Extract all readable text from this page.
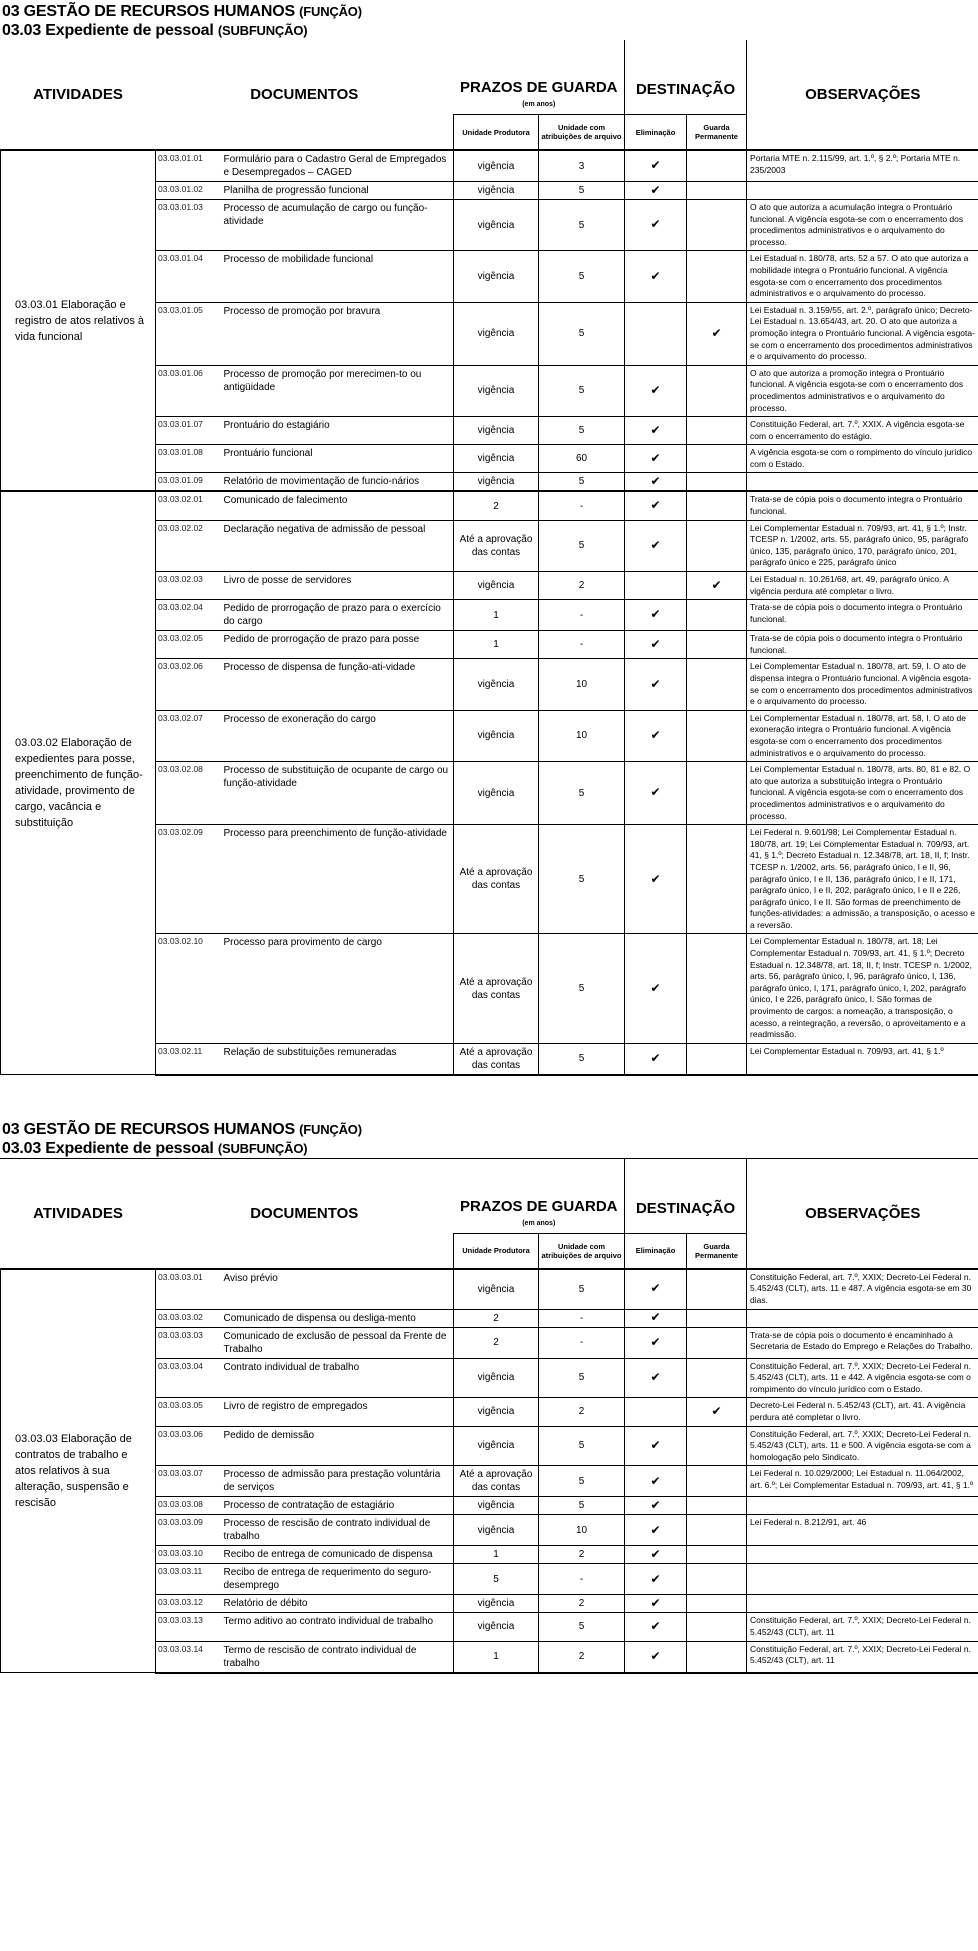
03 GESTÃO DE RECURSOS HUMANOS (FUNÇÃO)
03.03 Expediente de pessoal (SUBFUNÇÃO)
ATIVIDADES	DOCUMENTOS		PRAZOS DE GUARDA		DESTINAÇÃO		OBSERVAÇÕES
			(em anos)				
			Unidade Produtora	Unidade com atribuições de arquivo	Eliminação	Guarda Permanente	
03.03.01 Elaboração e registro de atos relativos à vida funcional	03.03.01.01	Formulário para o Cadastro Geral de Empregados e Desempregados – CAGED	vigência	3	✔		Portaria MTE n. 2.115/99, art. 1.º, § 2.º; Portaria MTE n. 235/2003
	03.03.01.02	Planilha de progressão funcional	vigência	5	✔		
	03.03.01.03	Processo de acumulação de cargo ou função-atividade	vigência	5	✔		O ato que autoriza a acumulação integra o Prontuário funcional. A vigência esgota-se com o encerramento dos procedimentos administrativos e o arquivamento do processo.
	03.03.01.04	Processo de mobilidade funcional	vigência	5	✔		Lei Estadual n. 180/78, arts. 52 a 57. O ato que autoriza a mobilidade integra o Prontuário funcional. A vigência esgota-se com o encerramento dos procedimentos administrativos e o arquivamento do processo.
	03.03.01.05	Processo de promoção por bravura	vigência	5		✔	Lei Estadual n. 3.159/55, art. 2.º, parágrafo único; Decreto-Lei Estadual n. 13.654/43, art. 20. O ato que autoriza a promoção integra o Prontuário funcional. A vigência esgota-se com o encerramento dos procedimentos administrativos e o arquivamento do processo.
	03.03.01.06	Processo de promoção por merecimen-to ou antigüidade	vigência	5	✔		O ato que autoriza a promoção integra o Prontuário funcional. A vigência esgota-se com o encerramento dos procedimentos administrativos e o arquivamento do processo.
	03.03.01.07	Prontuário do estagiário	vigência	5	✔		Constituição Federal, art. 7.º, XXIX. A vigência esgota-se com o encerramento do estágio.
	03.03.01.08	Prontuário funcional	vigência	60	✔		A vigência esgota-se com o rompimento do vínculo jurídico com o Estado.
	03.03.01.09	Relatório de movimentação de funcio-nários	vigência	5	✔		
03.03.02 Elaboração de expedientes para posse, preenchimento de função-atividade, provimento de cargo, vacância e substituição	03.03.02.01	Comunicado de falecimento	2	-	✔		Trata-se de cópia pois o documento integra o Prontuário funcional.
	03.03.02.02	Declaração negativa de admissão de pessoal	Até a aprovação das contas	5	✔		Lei Complementar Estadual n. 709/93, art. 41, § 1.º; Instr. TCESP n. 1/2002, arts. 55, parágrafo único, 95, parágrafo único, 135, parágrafo único, 170, parágrafo único, 201, parágrafo único e 225, parágrafo único
	03.03.02.03	Livro de posse de servidores	vigência	2		✔	Lei Estadual n. 10.261/68, art. 49, parágrafo único. A vigência perdura até completar o livro.
	03.03.02.04	Pedido de prorrogação de prazo para o exercício do cargo	1	-	✔		Trata-se de cópia pois o documento integra o Prontuário funcional.
	03.03.02.05	Pedido de prorrogação de prazo para posse	1	-	✔		Trata-se de cópia pois o documento integra o Prontuário funcional.
	03.03.02.06	Processo de dispensa de função-ati-vidade	vigência	10	✔		Lei Complementar Estadual n. 180/78, art. 59, I. O ato de dispensa integra o Prontuário funcional. A vigência esgota-se com o encerramento dos procedimentos administrativos e o arquivamento do processo.
	03.03.02.07	Processo de exoneração do cargo	vigência	10	✔		Lei Complementar Estadual n. 180/78, art. 58, I. O ato de exoneração integra o Prontuário funcional. A vigência esgota-se com o encerramento dos procedimentos administrativos e o arquivamento do processo.
	03.03.02.08	Processo de substituição de ocupante de cargo ou função-atividade	vigência	5	✔		Lei Complementar Estadual n. 180/78, arts. 80, 81 e 82. O ato que autoriza a substituição integra o Prontuário funcional. A vigência esgota-se com o encerramento dos procedimentos administrativos e o arquivamento do processo.
	03.03.02.09	Processo para preenchimento de função-atividade	Até a aprovação das contas	5	✔		Lei Federal n. 9.601/98; Lei Complementar Estadual n. 180/78, art. 19; Lei Complementar Estadual n. 709/93, art. 41, § 1.º; Decreto Estadual n. 12.348/78, art. 18, II, f; Instr. TCESP n. 1/2002, arts. 56, parágrafo único, I e II, 96, parágrafo único, I e II, 136, parágrafo único, I e II, 171, parágrafo único, I e II, 202, parágrafo único, I e II e 226, parágrafo único, I e II. São formas de preenchimento de funções-atividades: a admissão, a transposição, o acesso e a reversão.
	03.03.02.10	Processo para provimento de cargo	Até a aprovação das contas	5	✔		Lei Complementar Estadual n. 180/78, art. 18; Lei Complementar Estadual n. 709/93, art. 41, § 1.º; Decreto Estadual n. 12.348/78, art. 18, II, f; Instr. TCESP n. 1/2002, arts. 56, parágrafo único, I, 96, parágrafo único, I, 136, parágrafo único, I, 171, parágrafo único, I, 202, parágrafo único, I e 226, parágrafo único, I. São formas de provimento de cargos: a nomeação, a transposição, o acesso, a reintegração, a reversão, o aproveitamento e a readmissão.
	03.03.02.11	Relação de substituições remuneradas	Até a aprovação das contas	5	✔		Lei Complementar Estadual n. 709/93, art. 41, § 1.º
03 GESTÃO DE RECURSOS HUMANOS (FUNÇÃO)
03.03 Expediente de pessoal (SUBFUNÇÃO)
ATIVIDADES	DOCUMENTOS		PRAZOS DE GUARDA		DESTINAÇÃO		OBSERVAÇÕES
			(em anos)				
			Unidade Produtora	Unidade com atribuições de arquivo	Eliminação	Guarda Permanente	
03.03.03 Elaboração de contratos de trabalho e atos relativos à sua alteração, suspensão e rescisão	03.03.03.01	Aviso prévio	vigência	5	✔		Constituição Federal, art. 7.º, XXIX; Decreto-Lei Federal n. 5.452/43 (CLT), arts. 11 e 487. A vigência esgota-se em 30 dias.
	03.03.03.02	Comunicado de dispensa ou desliga-mento	2	-	✔		
	03.03.03.03	Comunicado de exclusão de pessoal da Frente de Trabalho	2	-	✔		Trata-se de cópia pois o documento é encaminhado à Secretaria de Estado do Emprego e Relações do Trabalho.
	03.03.03.04	Contrato individual de trabalho	vigência	5	✔		Constituição Federal, art. 7.º, XXIX; Decreto-Lei Federal n. 5.452/43 (CLT), arts. 11 e 442. A vigência esgota-se com o rompimento do vínculo jurídico com o Estado.
	03.03.03.05	Livro de registro de empregados	vigência	2		✔	Decreto-Lei Federal n. 5.452/43 (CLT), art. 41. A vigência perdura até completar o livro.
	03.03.03.06	Pedido de demissão	vigência	5	✔		Constituição Federal, art. 7.º, XXIX; Decreto-Lei Federal n. 5.452/43 (CLT), arts. 11 e 500. A vigência esgota-se com a homologação pelo Sindicato.
	03.03.03.07	Processo de admissão para prestação voluntária de serviços	Até a aprovação das contas	5	✔		Lei Federal n. 10.029/2000; Lei Estadual n. 11.064/2002, art. 6.º; Lei Complementar Estadual n. 709/93, art. 41, § 1.º
	03.03.03.08	Processo de contratação de estagiário	vigência	5	✔		
	03.03.03.09	Processo de rescisão de contrato individual de trabalho	vigência	10	✔		Lei Federal n. 8.212/91, art. 46
	03.03.03.10	Recibo de entrega de comunicado de dispensa	1	2	✔		
	03.03.03.11	Recibo de entrega de requerimento do seguro-desemprego	5	-	✔		
	03.03.03.12	Relatório de débito	vigência	2	✔		
	03.03.03.13	Termo aditivo ao contrato individual de trabalho	vigência	5	✔		Constituição Federal, art. 7.º, XXIX; Decreto-Lei Federal n. 5.452/43 (CLT), art. 11
	03.03.03.14	Termo de rescisão de contrato individual de trabalho	1	2	✔		Constituição Federal, art. 7.º, XXIX; Decreto-Lei Federal n. 5.452/43 (CLT), art. 11
